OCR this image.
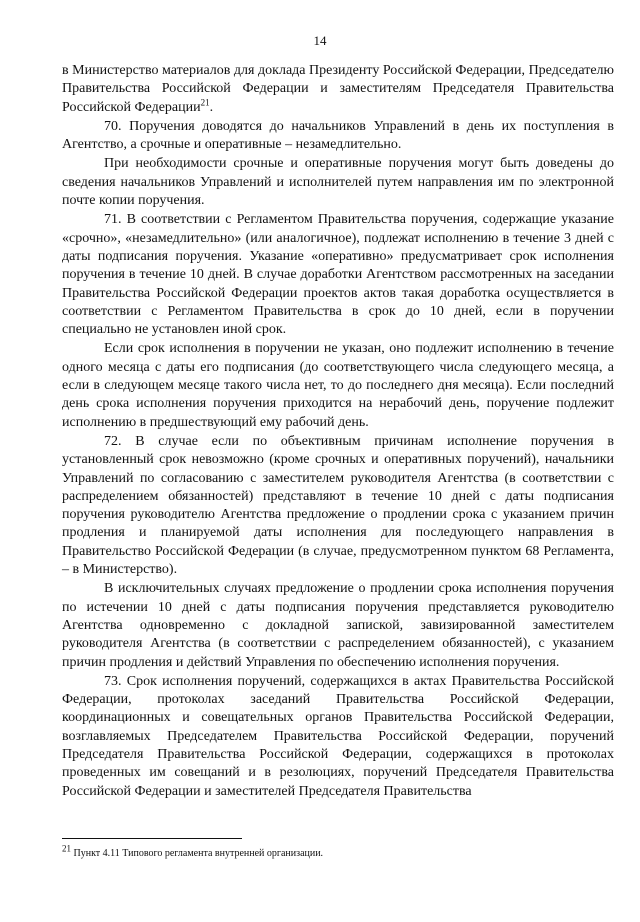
14

в Министерство материалов для доклада Президенту Российской Федерации, Председателю Правительства Российской Федерации и заместителям Председателя Правительства Российской Федерации$^{21}$.

70. Поручения доводятся до начальников Управлений в день их поступления в Агентство, а срочные и оперативные – незамедлительно.

При необходимости срочные и оперативные поручения могут быть доведены до сведения начальников Управлений и исполнителей путем направления им по электронной почте копии поручения.

71. В соответствии с Регламентом Правительства поручения, содержащие указание «срочно», «незамедлительно» (или аналогичное), подлежат исполнению в течение 3 дней с даты подписания поручения. Указание «оперативно» предусматривает срок исполнения поручения в течение 10 дней. В случае доработки Агентством рассмотренных на заседании Правительства Российской Федерации проектов актов такая доработка осуществляется в соответствии с Регламентом Правительства в срок до 10 дней, если в поручении специально не установлен иной срок.

Если срок исполнения в поручении не указан, оно подлежит исполнению в течение одного месяца с даты его подписания (до соответствующего числа следующего месяца, а если в следующем месяце такого числа нет, то до последнего дня месяца). Если последний день срока исполнения поручения приходится на нерабочий день, поручение подлежит исполнению в предшествующий ему рабочий день.

72. В случае если по объективным причинам исполнение поручения в установленный срок невозможно (кроме срочных и оперативных поручений), начальники Управлений по согласованию с заместителем руководителя Агентства (в соответствии с распределением обязанностей) представляют в течение 10 дней с даты подписания поручения руководителю Агентства предложение о продлении срока с указанием причин продления и планируемой даты исполнения для последующего направления в Правительство Российской Федерации (в случае, предусмотренном пунктом 68 Регламента, – в Министерство).

В исключительных случаях предложение о продлении срока исполнения поручения по истечении 10 дней с даты подписания поручения представляется руководителю Агентства одновременно с докладной запиской, завизированной заместителем руководителя Агентства (в соответствии с распределением обязанностей), с указанием причин продления и действий Управления по обеспечению исполнения поручения.

73. Срок исполнения поручений, содержащихся в актах Правительства Российской Федерации, протоколах заседаний Правительства Российской Федерации, координационных и совещательных органов Правительства Российской Федерации, возглавляемых Председателем Правительства Российской Федерации, поручений Председателя Правительства Российской Федерации, содержащихся в протоколах проведенных им совещаний и в резолюциях, поручений Председателя Правительства Российской Федерации и заместителей Председателя Правительства

$^{21}$ Пункт 4.11 Типового регламента внутренней организации.
